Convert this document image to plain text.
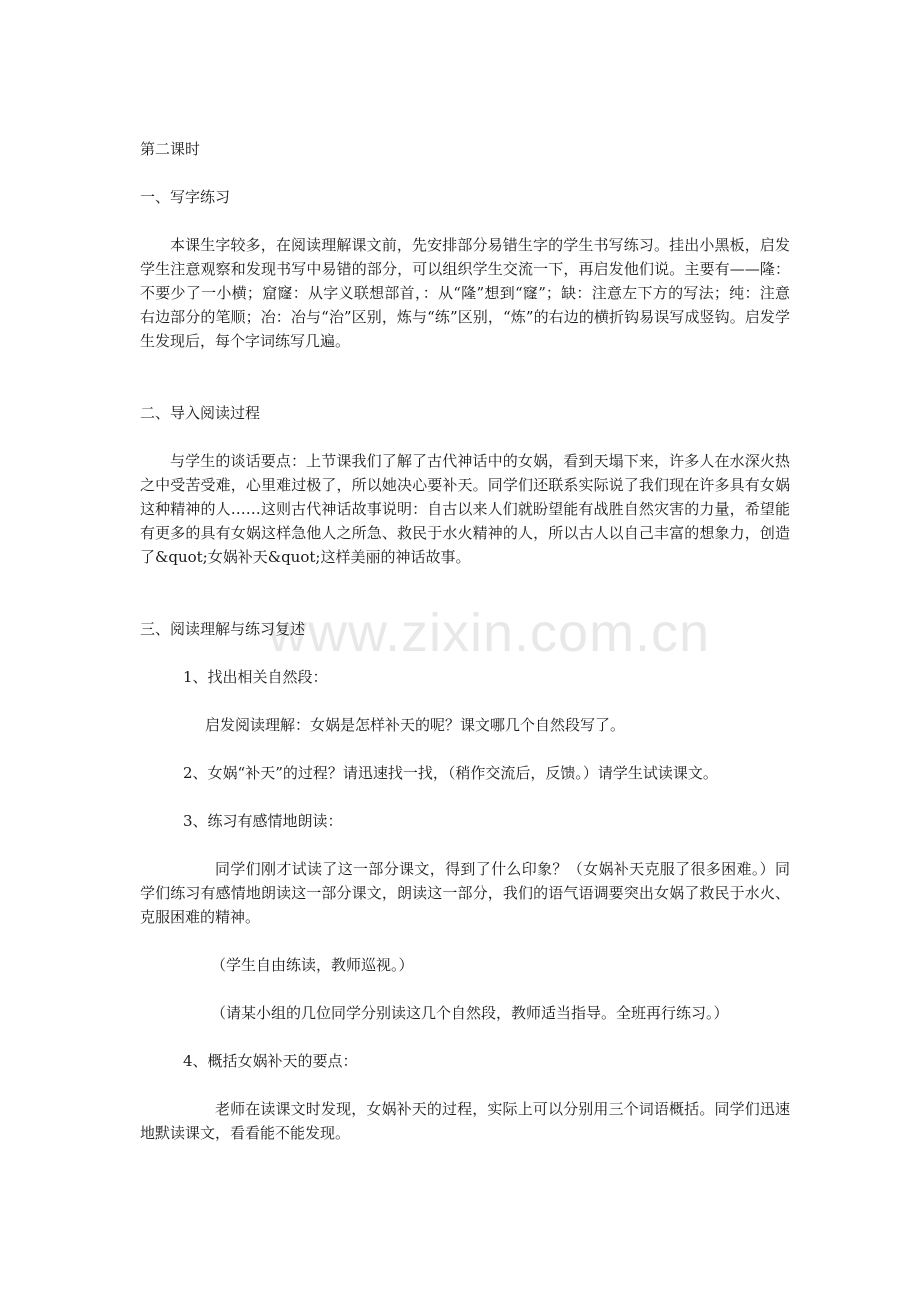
第二课时
一、写字练习

本课生字较多，在阅读理解课文前，先安排部分易错生字的学生书写练习。挂出小黑板，启发学生注意观察和发现书写中易错的部分，可以组织学生交流一下，再启发他们说。主要有——隆：不要少了一小横；窟窿：从字义联想部首，：从“隆”想到“窿”；缺：注意左下方的写法；纯：注意右边部分的笔顺；冶：冶与“治”区别，炼与“练”区别，“炼”的右边的横折钩易误写成竖钩。启发学生发现后，每个字词练写几遍。

二、导入阅读过程

与学生的谈话要点：上节课我们了解了古代神话中的女娲，看到天塌下来，许多人在水深火热之中受苦受难，心里难过极了，所以她决心要补天。同学们还联系实际说了我们现在许多具有女娲这种精神的人……这则古代神话故事说明：自古以来人们就盼望能有战胜自然灾害的力量，希望能有更多的具有女娲这样急他人之所急、救民于水火精神的人，所以古人以自己丰富的想象力，创造了&quot;女娲补天&quot;这样美丽的神话故事。

三、阅读理解与练习复述
1、找出相关自然段：
启发阅读理解：女娲是怎样补天的呢？课文哪几个自然段写了。
2、女娲“补天”的过程？请迅速找一找，（稍作交流后，反馈。）请学生试读课文。
3、练习有感情地朗读：

同学们刚才试读了这一部分课文，得到了什么印象？（女娲补天克服了很多困难。）同学们练习有感情地朗读这一部分课文，朗读这一部分，我们的语气语调要突出女娲了救民于水火、克服困难的精神。

（学生自由练读，教师巡视。）
（请某小组的几位同学分别读这几个自然段，教师适当指导。全班再行练习。）
4、概括女娲补天的要点：

老师在读课文时发现，女娲补天的过程，实际上可以分别用三个词语概括。同学们迅速地默读课文，看看能不能发现。

www.zixin.com.cn
